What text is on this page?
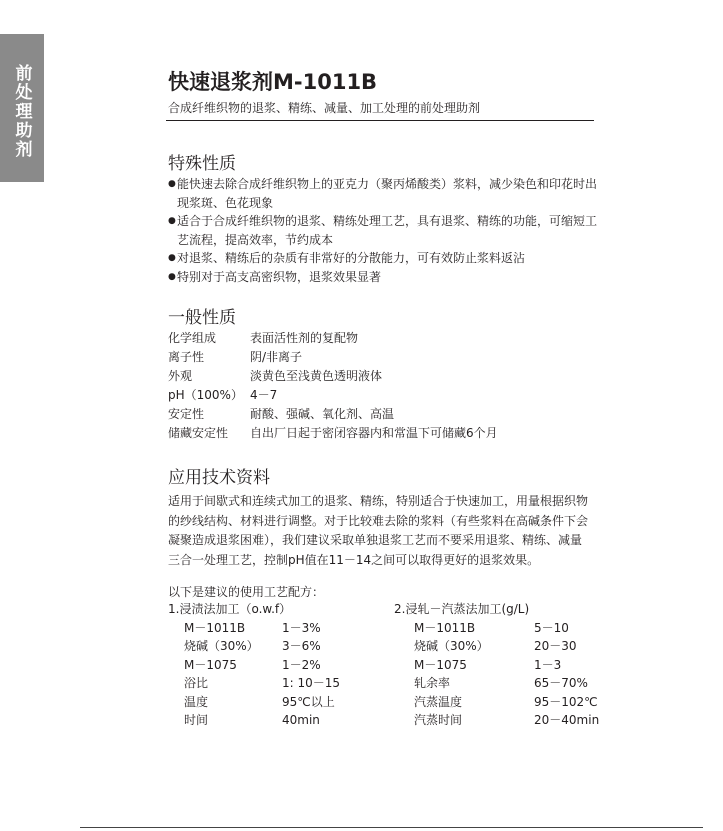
前处理助剂	快速退浆剂M-1011B
合成纤维织物的退浆、精练、减量、加工处理的前处理助剂
特殊性质
● 能快速去除合成纤维织物上的亚克力（聚丙烯酸类）浆料，减少染色和印花时出现浆斑、色花现象
● 适合于合成纤维织物的退浆、精练处理工艺，具有退浆、精练的功能，可缩短工艺流程，提高效率，节约成本
● 对退浆、精练后的杂质有非常好的分散能力，可有效防止浆料返沾
● 特别对于高支高密织物，退浆效果显著
一般性质
化学组成	表面活性剂的复配物
离子性	阴/非离子
外观	淡黄色至浅黄色透明液体
pH（100%） 4－7
安定性	耐酸、强碱、氧化剂、高温
储藏安定性	自出厂日起于密闭容器内和常温下可储藏6个月
应用技术资料
适用于间歇式和连续式加工的退浆、精练，特别适合于快速加工，用量根据织物
的纱线结构、材料进行调整。对于比较难去除的浆料（有些浆料在高碱条件下会
凝聚造成退浆困难），我们建议采取单独退浆工艺而不要采用退浆、精练、减量
三合一处理工艺，控制pH值在11－14之间可以取得更好的退浆效果。
以下是建议的使用工艺配方：
1.浸渍法加工（o.w.f）
M－1011B	1－3%
烧碱（30%）	3－6%
M－1075	1－2%
浴比	1: 10－15
温度	95℃以上
时间	40min
2.浸轧－汽蒸法加工(g/L)
M－1011B	5－10
烧碱（30%）	20－30
M－1075	1－3
轧余率	65－70%
汽蒸温度	95－102℃
汽蒸时间	20－40min
